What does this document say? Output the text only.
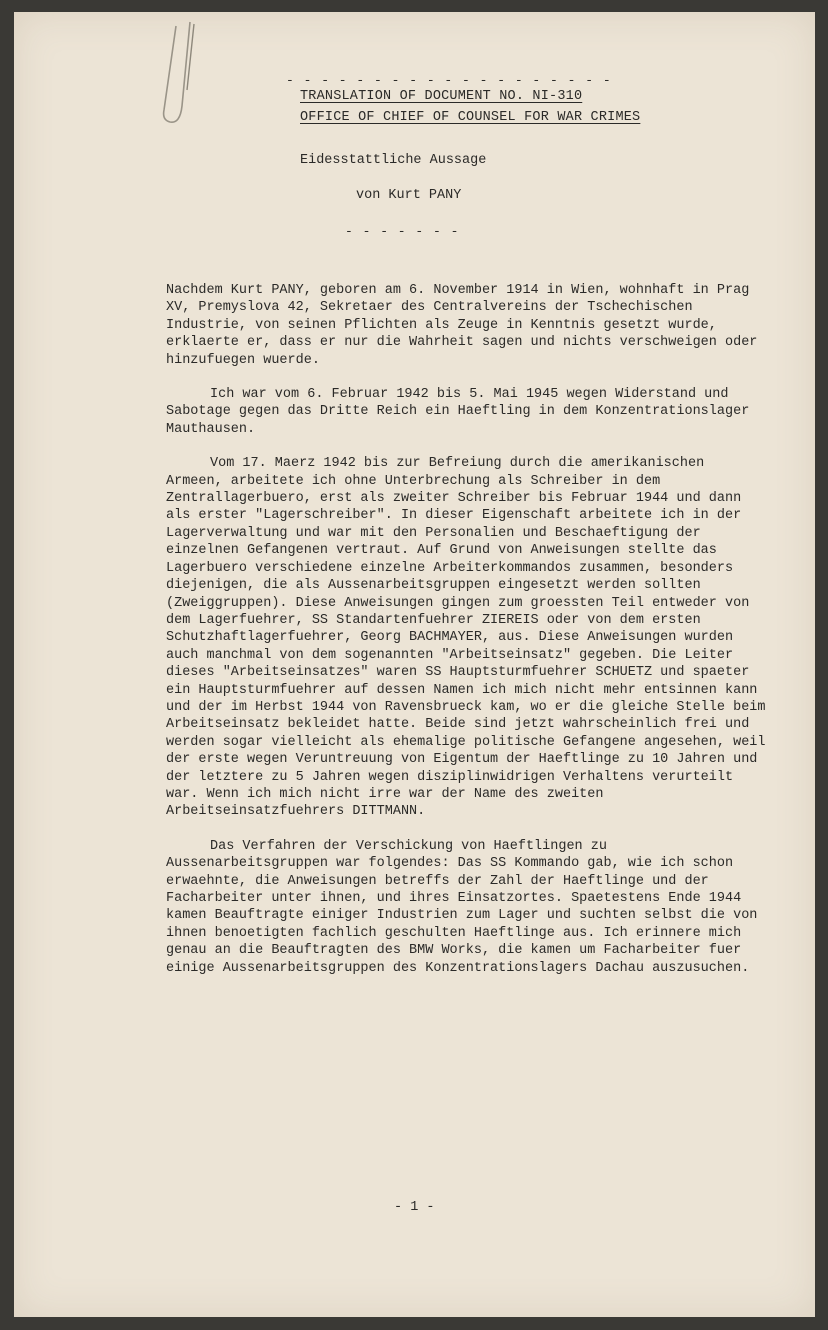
- - - - - - - - - - - - - - - - - - -
TRANSLATION OF DOCUMENT NO. NI-310
OFFICE OF CHIEF OF COUNSEL FOR WAR CRIMES
Eidesstattliche Aussage
von Kurt PANY
- - - - - - -

Nachdem Kurt PANY, geboren am 6. November 1914 in Wien, wohnhaft in Prag XV, Premyslova 42, Sekretaer des Centralvereins der Tschechischen Industrie, von seinen Pflichten als Zeuge in Kenntnis gesetzt wurde, erklaerte er, dass er nur die Wahrheit sagen und nichts verschweigen oder hinzufuegen wuerde.

Ich war vom 6. Februar 1942 bis 5. Mai 1945 wegen Widerstand und Sabotage gegen das Dritte Reich ein Haeftling in dem Konzentrationslager Mauthausen.

Vom 17. Maerz 1942 bis zur Befreiung durch die amerikanischen Armeen, arbeitete ich ohne Unterbrechung als Schreiber in dem Zentrallagerbuero, erst als zweiter Schreiber bis Februar 1944 und dann als erster "Lagerschreiber". In dieser Eigenschaft arbeitete ich in der Lagerverwaltung und war mit den Personalien und Beschaeftigung der einzelnen Gefangenen vertraut. Auf Grund von Anweisungen stellte das Lagerbuero verschiedene einzelne Arbeiterkommandos zusammen, besonders diejenigen, die als Aussenarbeitsgruppen eingesetzt werden sollten (Zweiggruppen). Diese Anweisungen gingen zum groessten Teil entweder von dem Lagerfuehrer, SS Standartenfuehrer ZIEREIS oder von dem ersten Schutzhaftlagerfuehrer, Georg BACHMAYER, aus. Diese Anweisungen wurden auch manchmal von dem sogenannten "Arbeitseinsatz" gegeben. Die Leiter dieses "Arbeitseinsatzes" waren SS Hauptsturmfuehrer SCHUETZ und spaeter ein Hauptsturmfuehrer auf dessen Namen ich mich nicht mehr entsinnen kann und der im Herbst 1944 von Ravensbrueck kam, wo er die gleiche Stelle beim Arbeitseinsatz bekleidet hatte. Beide sind jetzt wahrscheinlich frei und werden sogar vielleicht als ehemalige politische Gefangene angesehen, weil der erste wegen Veruntreuung von Eigentum der Haeftlinge zu 10 Jahren und der letztere zu 5 Jahren wegen disziplinwidrigen Verhaltens verurteilt war. Wenn ich mich nicht irre war der Name des zweiten Arbeitseinsatzfuehrers DITTMANN.

Das Verfahren der Verschickung von Haeftlingen zu Aussenarbeitsgruppen war folgendes: Das SS Kommando gab, wie ich schon erwaehnte, die Anweisungen betreffs der Zahl der Haeftlinge und der Facharbeiter unter ihnen, und ihres Einsatzortes. Spaetestens Ende 1944 kamen Beauftragte einiger Industrien zum Lager und suchten selbst die von ihnen benoetigten fachlich geschulten Haeftlinge aus. Ich erinnere mich genau an die Beauftragten des BMW Works, die kamen um Facharbeiter fuer einige Aussenarbeitsgruppen des Konzentrationslagers Dachau auszusuchen.

- 1 -
